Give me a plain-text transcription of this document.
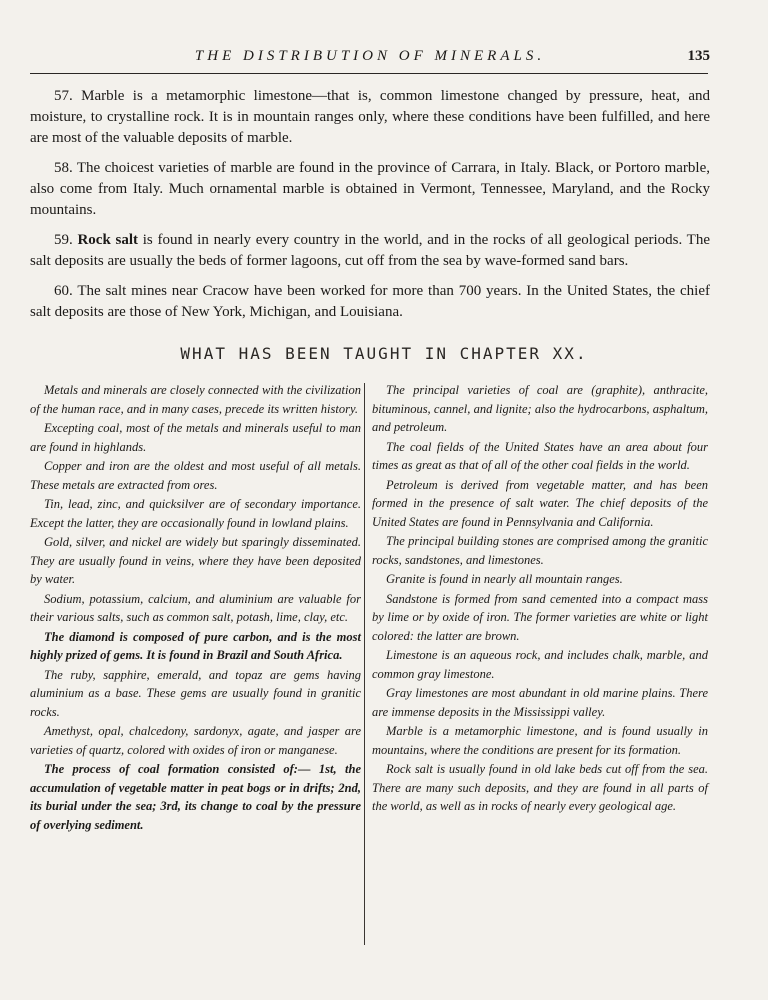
THE DISTRIBUTION OF MINERALS.	135

57. Marble is a metamorphic limestone—that is, common limestone changed by pressure, heat, and moisture, to crystalline rock. It is in mountain ranges only, where these conditions have been fulfilled, and here are most of the valuable deposits of marble.

58. The choicest varieties of marble are found in the province of Carrara, in Italy. Black, or Portoro marble, also come from Italy. Much ornamental marble is obtained in Vermont, Tennessee, Maryland, and the Rocky mountains.

59. Rock salt is found in nearly every country in the world, and in the rocks of all geological periods. The salt deposits are usually the beds of former lagoons, cut off from the sea by wave-formed sand bars.

60. The salt mines near Cracow have been worked for more than 700 years. In the United States, the chief salt deposits are those of New York, Michigan, and Louisiana.

WHAT HAS BEEN TAUGHT IN CHAPTER XX.

Metals and minerals are closely connected with the civilization of the human race, and in many cases, precede its written history.

Excepting coal, most of the metals and minerals useful to man are found in highlands.

Copper and iron are the oldest and most useful of all metals. These metals are extracted from ores.

Tin, lead, zinc, and quicksilver are of secondary importance. Except the latter, they are occasionally found in lowland plains.

Gold, silver, and nickel are widely but sparingly disseminated. They are usually found in veins, where they have been deposited by water.

Sodium, potassium, calcium, and aluminium are valuable for their various salts, such as common salt, potash, lime, clay, etc.

The diamond is composed of pure carbon, and is the most highly prized of gems. It is found in Brazil and South Africa.

The ruby, sapphire, emerald, and topaz are gems having aluminium as a base. These gems are usually found in granitic rocks.

Amethyst, opal, chalcedony, sardonyx, agate, and jasper are varieties of quartz, colored with oxides of iron or manganese.

The process of coal formation consisted of:— 1st, the accumulation of vegetable matter in peat bogs or in drifts; 2nd, its burial under the sea; 3rd, its change to coal by the pressure of overlying sediment.

The principal varieties of coal are (graphite), anthracite, bituminous, cannel, and lignite; also the hydrocarbons, asphaltum, and petroleum.

The coal fields of the United States have an area about four times as great as that of all of the other coal fields in the world.

Petroleum is derived from vegetable matter, and has been formed in the presence of salt water. The chief deposits of the United States are found in Pennsylvania and California.

The principal building stones are comprised among the granitic rocks, sandstones, and limestones.

Granite is found in nearly all mountain ranges.

Sandstone is formed from sand cemented into a compact mass by lime or by oxide of iron. The former varieties are white or light colored: the latter are brown.

Limestone is an aqueous rock, and includes chalk, marble, and common gray limestone.

Gray limestones are most abundant in old marine plains. There are immense deposits in the Mississippi valley.

Marble is a metamorphic limestone, and is found usually in mountains, where the conditions are present for its formation.

Rock salt is usually found in old lake beds cut off from the sea. There are many such deposits, and they are found in all parts of the world, as well as in rocks of nearly every geological age.
